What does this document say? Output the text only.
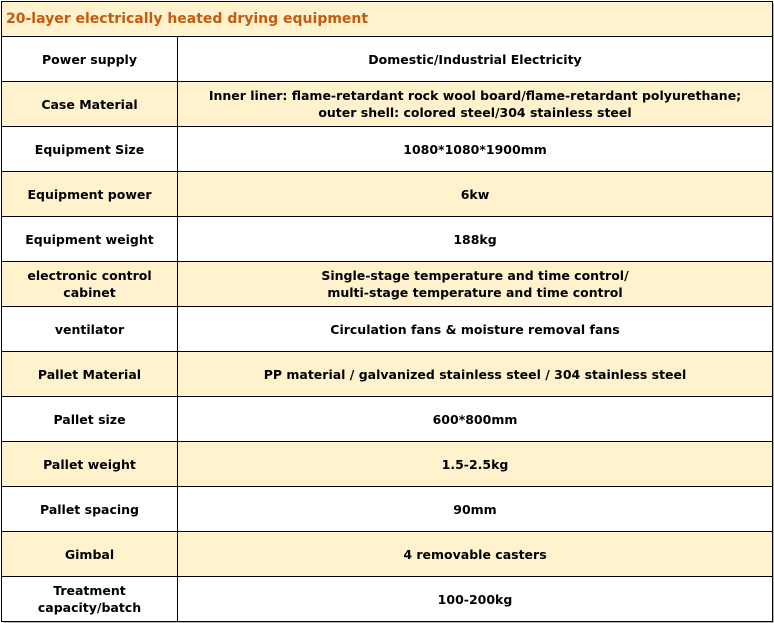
20-layer electrically heated drying equipment	
Power supply	Domestic/Industrial Electricity
Case Material	Inner liner: flame-retardant rock wool board/flame-retardant polyurethane;
outer shell: colored steel/304 stainless steel
Equipment Size	1080*1080*1900mm
Equipment power	6kw
Equipment weight	188kg
electronic control cabinet	Single-stage temperature and time control/
multi-stage temperature and time control
ventilator	Circulation fans & moisture removal fans
Pallet Material	PP material / galvanized stainless steel / 304 stainless steel
Pallet size	600*800mm
Pallet weight	1.5-2.5kg
Pallet spacing	90mm
Gimbal	4 removable casters
Treatment capacity/batch	100-200kg
